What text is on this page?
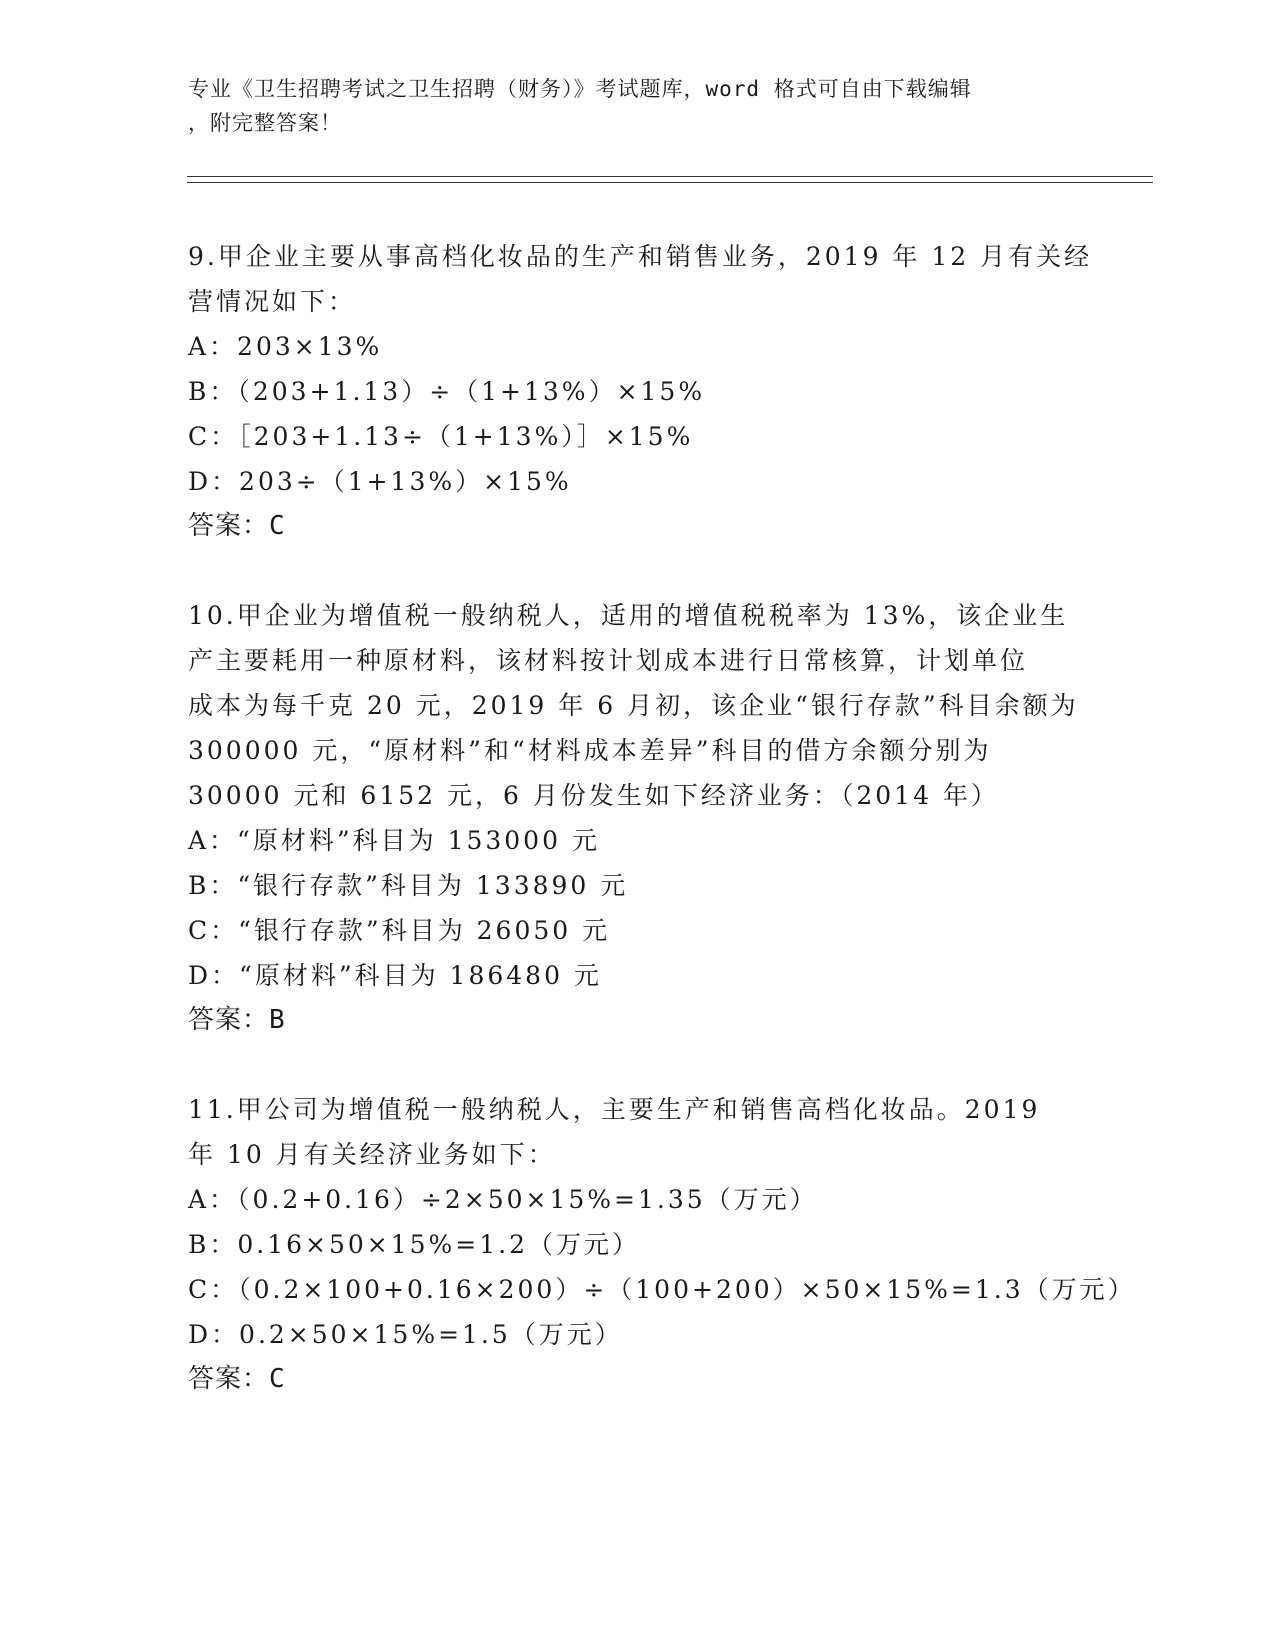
专业《卫生招聘考试之卫生招聘（财务）》考试题库，word 格式可自由下载编辑
，附完整答案！
9.甲企业主要从事高档化妆品的生产和销售业务，2019 年 12 月有关经
营情况如下：
A：203×13%
B：（203+1.13）÷（1+13%）×15%
C：［203+1.13÷（1+13%）］×15%
D：203÷（1+13%）×15%
答案：C
10.甲企业为增值税一般纳税人，适用的增值税税率为 13%，该企业生
产主要耗用一种原材料，该材料按计划成本进行日常核算，计划单位
成本为每千克 20 元，2019 年 6 月初，该企业“银行存款”科目余额为
300000 元，“原材料”和“材料成本差异”科目的借方余额分别为
30000 元和 6152 元，6 月份发生如下经济业务：（2014 年）
A：“原材料”科目为 153000 元
B：“银行存款”科目为 133890 元
C：“银行存款”科目为 26050 元
D：“原材料”科目为 186480 元
答案：B
11.甲公司为增值税一般纳税人，主要生产和销售高档化妆品。2019
年 10 月有关经济业务如下：
A：（0.2+0.16）÷2×50×15%=1.35（万元）
B：0.16×50×15%=1.2（万元）
C：（0.2×100+0.16×200）÷（100+200）×50×15%=1.3（万元）
D：0.2×50×15%=1.5（万元）
答案：C
